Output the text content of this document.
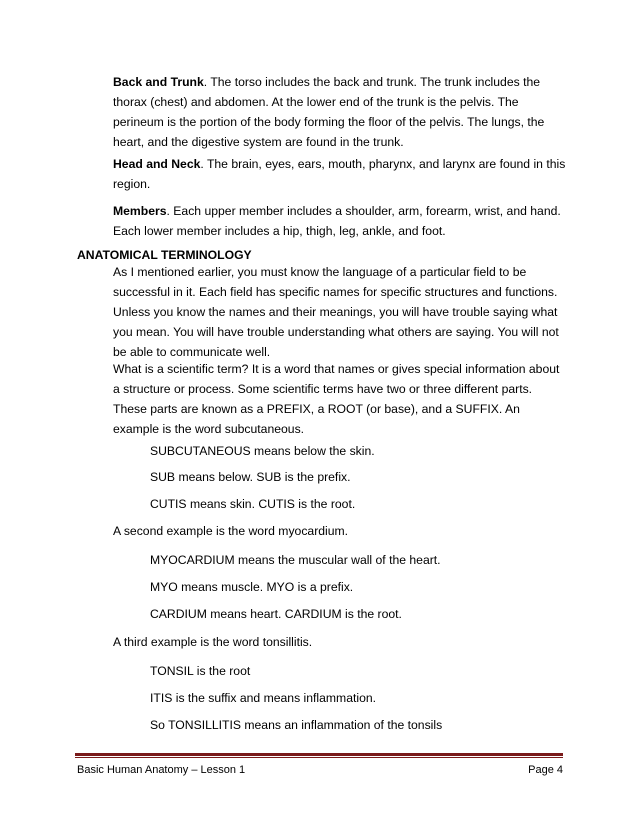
Back and Trunk. The torso includes the back and trunk. The trunk includes the thorax (chest) and abdomen. At the lower end of the trunk is the pelvis. The perineum is the portion of the body forming the floor of the pelvis. The lungs, the heart, and the digestive system are found in the trunk.

Head and Neck. The brain, eyes, ears, mouth, pharynx, and larynx are found in this region.

Members. Each upper member includes a shoulder, arm, forearm, wrist, and hand. Each lower member includes a hip, thigh, leg, ankle, and foot.

ANATOMICAL TERMINOLOGY

As I mentioned earlier, you must know the language of a particular field to be successful in it. Each field has specific names for specific structures and functions. Unless you know the names and their meanings, you will have trouble saying what you mean. You will have trouble understanding what others are saying. You will not be able to communicate well.

What is a scientific term? It is a word that names or gives special information about a structure or process. Some scientific terms have two or three different parts. These parts are known as a PREFIX, a ROOT (or base), and a SUFFIX. An example is the word subcutaneous.

SUBCUTANEOUS means below the skin.

SUB means below. SUB is the prefix.

CUTIS means skin. CUTIS is the root.

A second example is the word myocardium.

MYOCARDIUM means the muscular wall of the heart.

MYO means muscle. MYO is a prefix.

CARDIUM means heart. CARDIUM is the root.

A third example is the word tonsillitis.

TONSIL is the root

ITIS is the suffix and means inflammation.

So TONSILLITIS means an inflammation of the tonsils

Basic Human Anatomy – Lesson 1	Page 4
